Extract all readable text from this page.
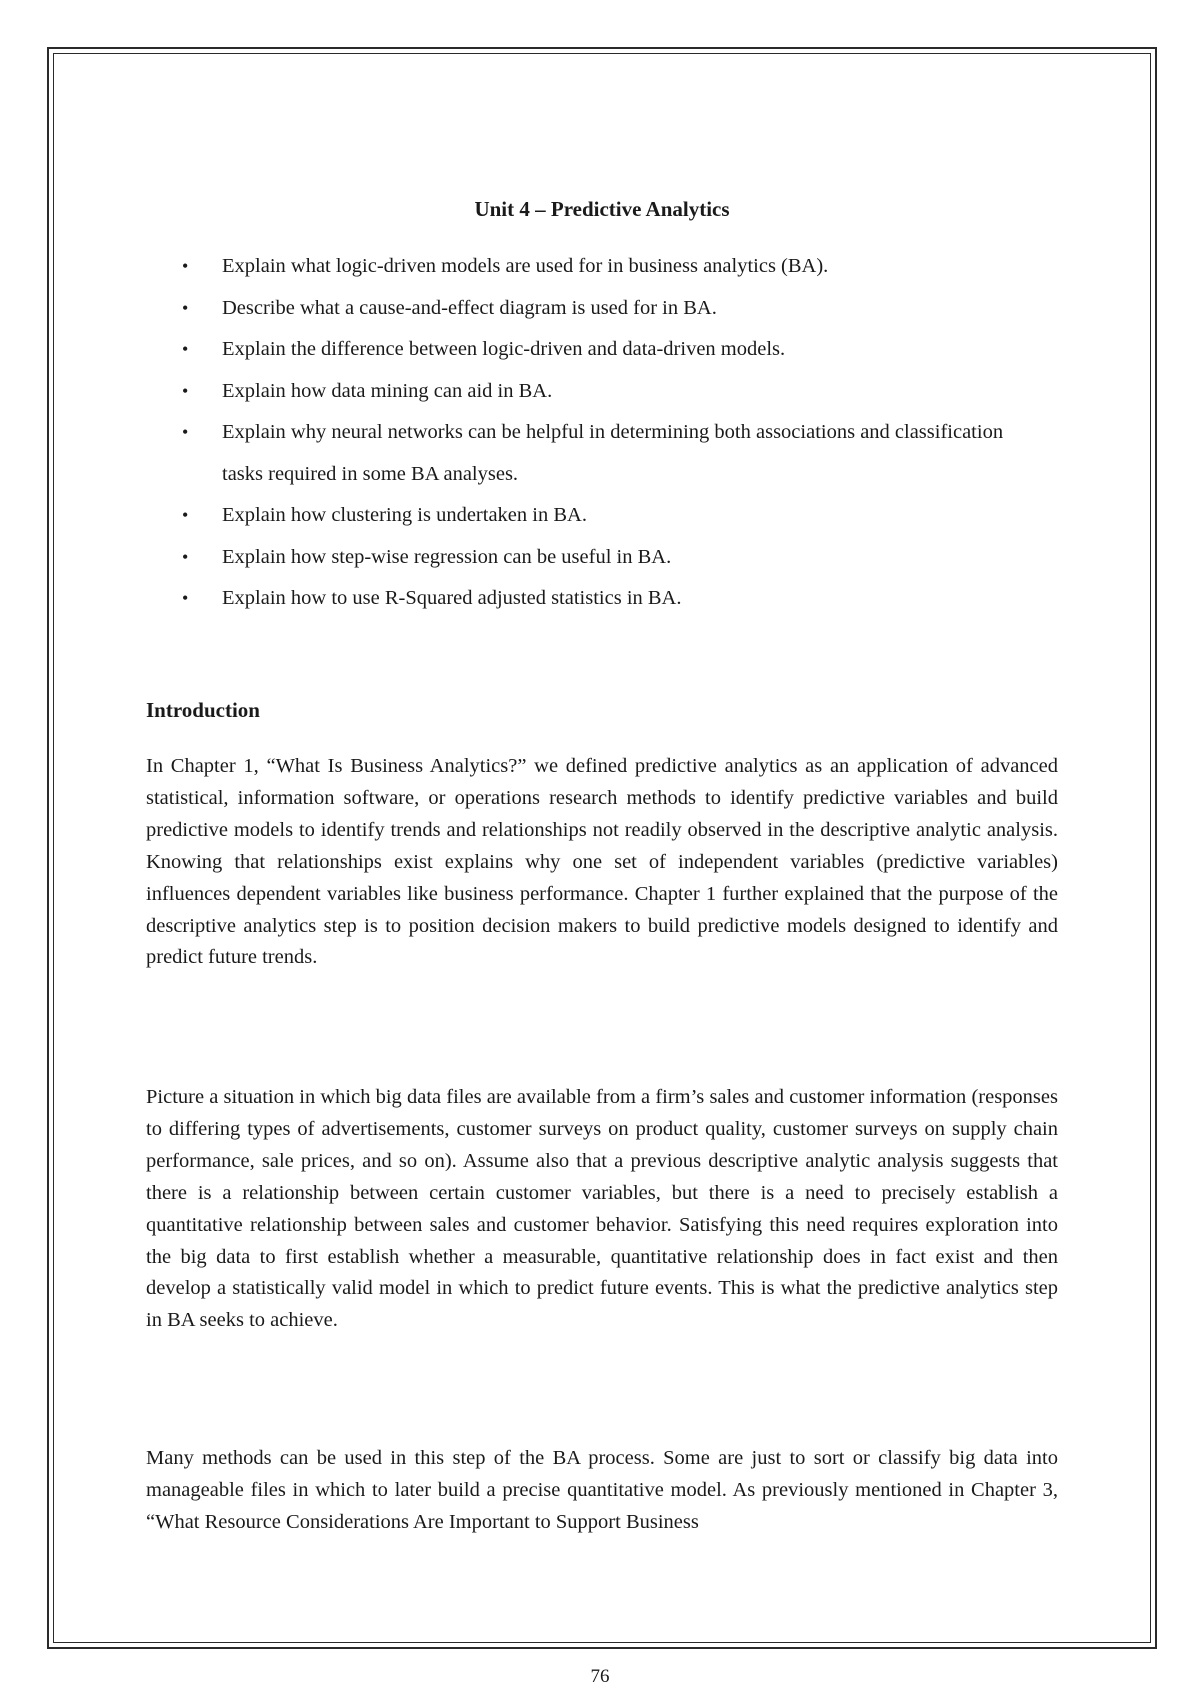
Unit 4 – Predictive Analytics
• Explain what logic-driven models are used for in business analytics (BA).
• Describe what a cause-and-effect diagram is used for in BA.
• Explain the difference between logic-driven and data-driven models.
• Explain how data mining can aid in BA.
• Explain why neural networks can be helpful in determining both associations and classification tasks required in some BA analyses.
• Explain how clustering is undertaken in BA.
• Explain how step-wise regression can be useful in BA.
• Explain how to use R-Squared adjusted statistics in BA.
Introduction

In Chapter 1, “What Is Business Analytics?” we defined predictive analytics as an application of advanced statistical, information software, or operations research methods to identify predictive variables and build predictive models to identify trends and relationships not readily observed in the descriptive analytic analysis. Knowing that relationships exist explains why one set of independent variables (predictive variables) influences dependent variables like business performance. Chapter 1 further explained that the purpose of the descriptive analytics step is to position decision makers to build predictive models designed to identify and predict future trends.

Picture a situation in which big data files are available from a firm’s sales and customer information (responses to differing types of advertisements, customer surveys on product quality, customer surveys on supply chain performance, sale prices, and so on). Assume also that a previous descriptive analytic analysis suggests that there is a relationship between certain customer variables, but there is a need to precisely establish a quantitative relationship between sales and customer behavior. Satisfying this need requires exploration into the big data to first establish whether a measurable, quantitative relationship does in fact exist and then develop a statistically valid model in which to predict future events. This is what the predictive analytics step in BA seeks to achieve.

Many methods can be used in this step of the BA process. Some are just to sort or classify big data into manageable files in which to later build a precise quantitative model. As previously mentioned in Chapter 3, “What Resource Considerations Are Important to Support Business

76
